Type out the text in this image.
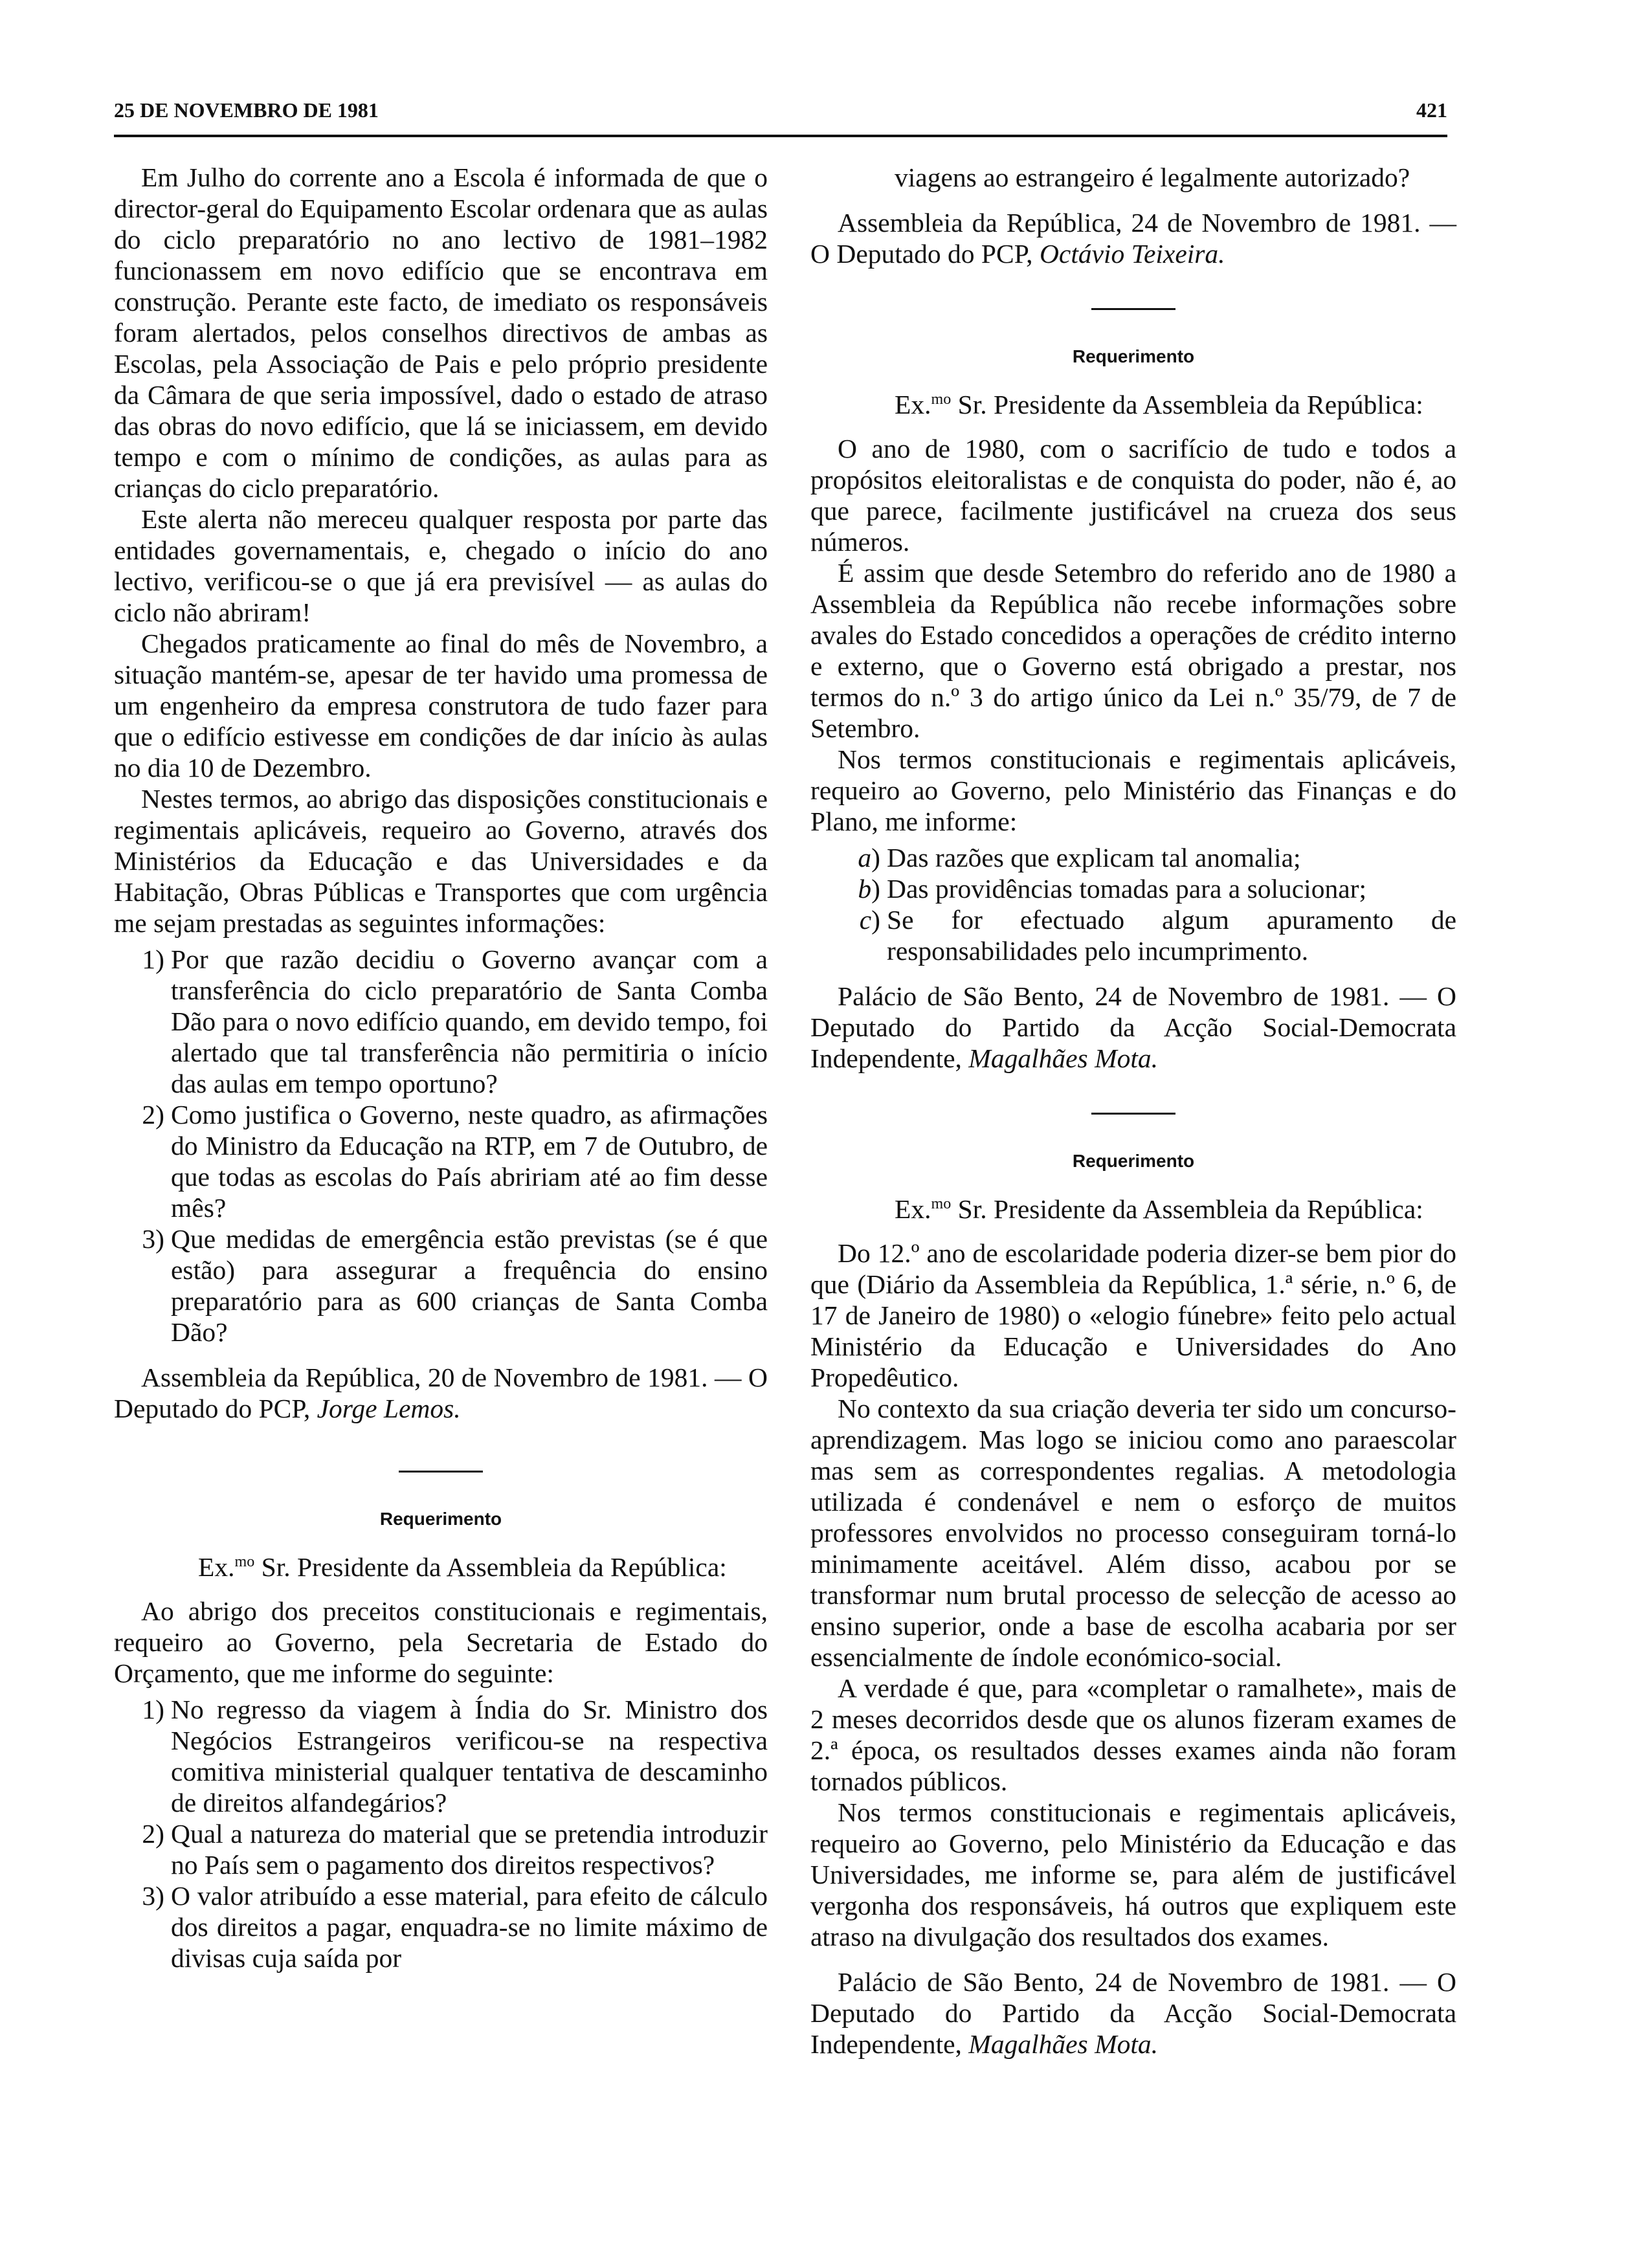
25 DE NOVEMBRO DE 1981	421

Em Julho do corrente ano a Escola é informada de que o director-geral do Equipamento Escolar ordenara que as aulas do ciclo preparatório no ano lectivo de 1981–1982 funcionassem em novo edifício que se encontrava em construção. Perante este facto, de imediato os responsáveis foram alertados, pelos conselhos directivos de ambas as Escolas, pela Associação de Pais e pelo próprio presidente da Câmara de que seria impossível, dado o estado de atraso das obras do novo edifício, que lá se iniciassem, em devido tempo e com o mínimo de condições, as aulas para as crianças do ciclo preparatório.

Este alerta não mereceu qualquer resposta por parte das entidades governamentais, e, chegado o início do ano lectivo, verificou-se o que já era previsível — as aulas do ciclo não abriram!

Chegados praticamente ao final do mês de Novembro, a situação mantém-se, apesar de ter havido uma promessa de um engenheiro da empresa construtora de tudo fazer para que o edifício estivesse em condições de dar início às aulas no dia 10 de Dezembro.

Nestes termos, ao abrigo das disposições constitucionais e regimentais aplicáveis, requeiro ao Governo, através dos Ministérios da Educação e das Universidades e da Habitação, Obras Públicas e Transportes que com urgência me sejam prestadas as seguintes informações:

1) Por que razão decidiu o Governo avançar com a transferência do ciclo preparatório de Santa Comba Dão para o novo edifício quando, em devido tempo, foi alertado que tal transferência não permitiria o início das aulas em tempo oportuno?
2) Como justifica o Governo, neste quadro, as afirmações do Ministro da Educação na RTP, em 7 de Outubro, de que todas as escolas do País abririam até ao fim desse mês?
3) Que medidas de emergência estão previstas (se é que estão) para assegurar a frequência do ensino preparatório para as 600 crianças de Santa Comba Dão?

Assembleia da República, 20 de Novembro de 1981. — O Deputado do PCP, Jorge Lemos.

Requerimento

Ex.$^{mo}$ Sr. Presidente da Assembleia da República:

Ao abrigo dos preceitos constitucionais e regimentais, requeiro ao Governo, pela Secretaria de Estado do Orçamento, que me informe do seguinte:

1) No regresso da viagem à Índia do Sr. Ministro dos Negócios Estrangeiros verificou-se na respectiva comitiva ministerial qualquer tentativa de descaminho de direitos alfandegários?
2) Qual a natureza do material que se pretendia introduzir no País sem o pagamento dos direitos respectivos?
3) O valor atribuído a esse material, para efeito de cálculo dos direitos a pagar, enquadra-se no limite máximo de divisas cuja saída por

viagens ao estrangeiro é legalmente autorizado?

Assembleia da República, 24 de Novembro de 1981. — O Deputado do PCP, Octávio Teixeira.

Requerimento

Ex.$^{mo}$ Sr. Presidente da Assembleia da República:

O ano de 1980, com o sacrifício de tudo e todos a propósitos eleitoralistas e de conquista do poder, não é, ao que parece, facilmente justificável na crueza dos seus números.

É assim que desde Setembro do referido ano de 1980 a Assembleia da República não recebe informações sobre avales do Estado concedidos a operações de crédito interno e externo, que o Governo está obrigado a prestar, nos termos do n.º 3 do artigo único da Lei n.º 35/79, de 7 de Setembro.

Nos termos constitucionais e regimentais aplicáveis, requeiro ao Governo, pelo Ministério das Finanças e do Plano, me informe:

a) Das razões que explicam tal anomalia;
b) Das providências tomadas para a solucionar;
c) Se for efectuado algum apuramento de responsabilidades pelo incumprimento.

Palácio de São Bento, 24 de Novembro de 1981. — O Deputado do Partido da Acção Social-Democrata Independente, Magalhães Mota.

Requerimento

Ex.$^{mo}$ Sr. Presidente da Assembleia da República:

Do 12.º ano de escolaridade poderia dizer-se bem pior do que (Diário da Assembleia da República, 1.ª série, n.º 6, de 17 de Janeiro de 1980) o «elogio fúnebre» feito pelo actual Ministério da Educação e Universidades do Ano Propedêutico.

No contexto da sua criação deveria ter sido um concurso-aprendizagem. Mas logo se iniciou como ano paraescolar mas sem as correspondentes regalias. A metodologia utilizada é condenável e nem o esforço de muitos professores envolvidos no processo conseguiram torná-lo minimamente aceitável. Além disso, acabou por se transformar num brutal processo de selecção de acesso ao ensino superior, onde a base de escolha acabaria por ser essencialmente de índole económico-social.

A verdade é que, para «completar o ramalhete», mais de 2 meses decorridos desde que os alunos fizeram exames de 2.ª época, os resultados desses exames ainda não foram tornados públicos.

Nos termos constitucionais e regimentais aplicáveis, requeiro ao Governo, pelo Ministério da Educação e das Universidades, me informe se, para além de justificável vergonha dos responsáveis, há outros que expliquem este atraso na divulgação dos resultados dos exames.

Palácio de São Bento, 24 de Novembro de 1981. — O Deputado do Partido da Acção Social-Democrata Independente, Magalhães Mota.
